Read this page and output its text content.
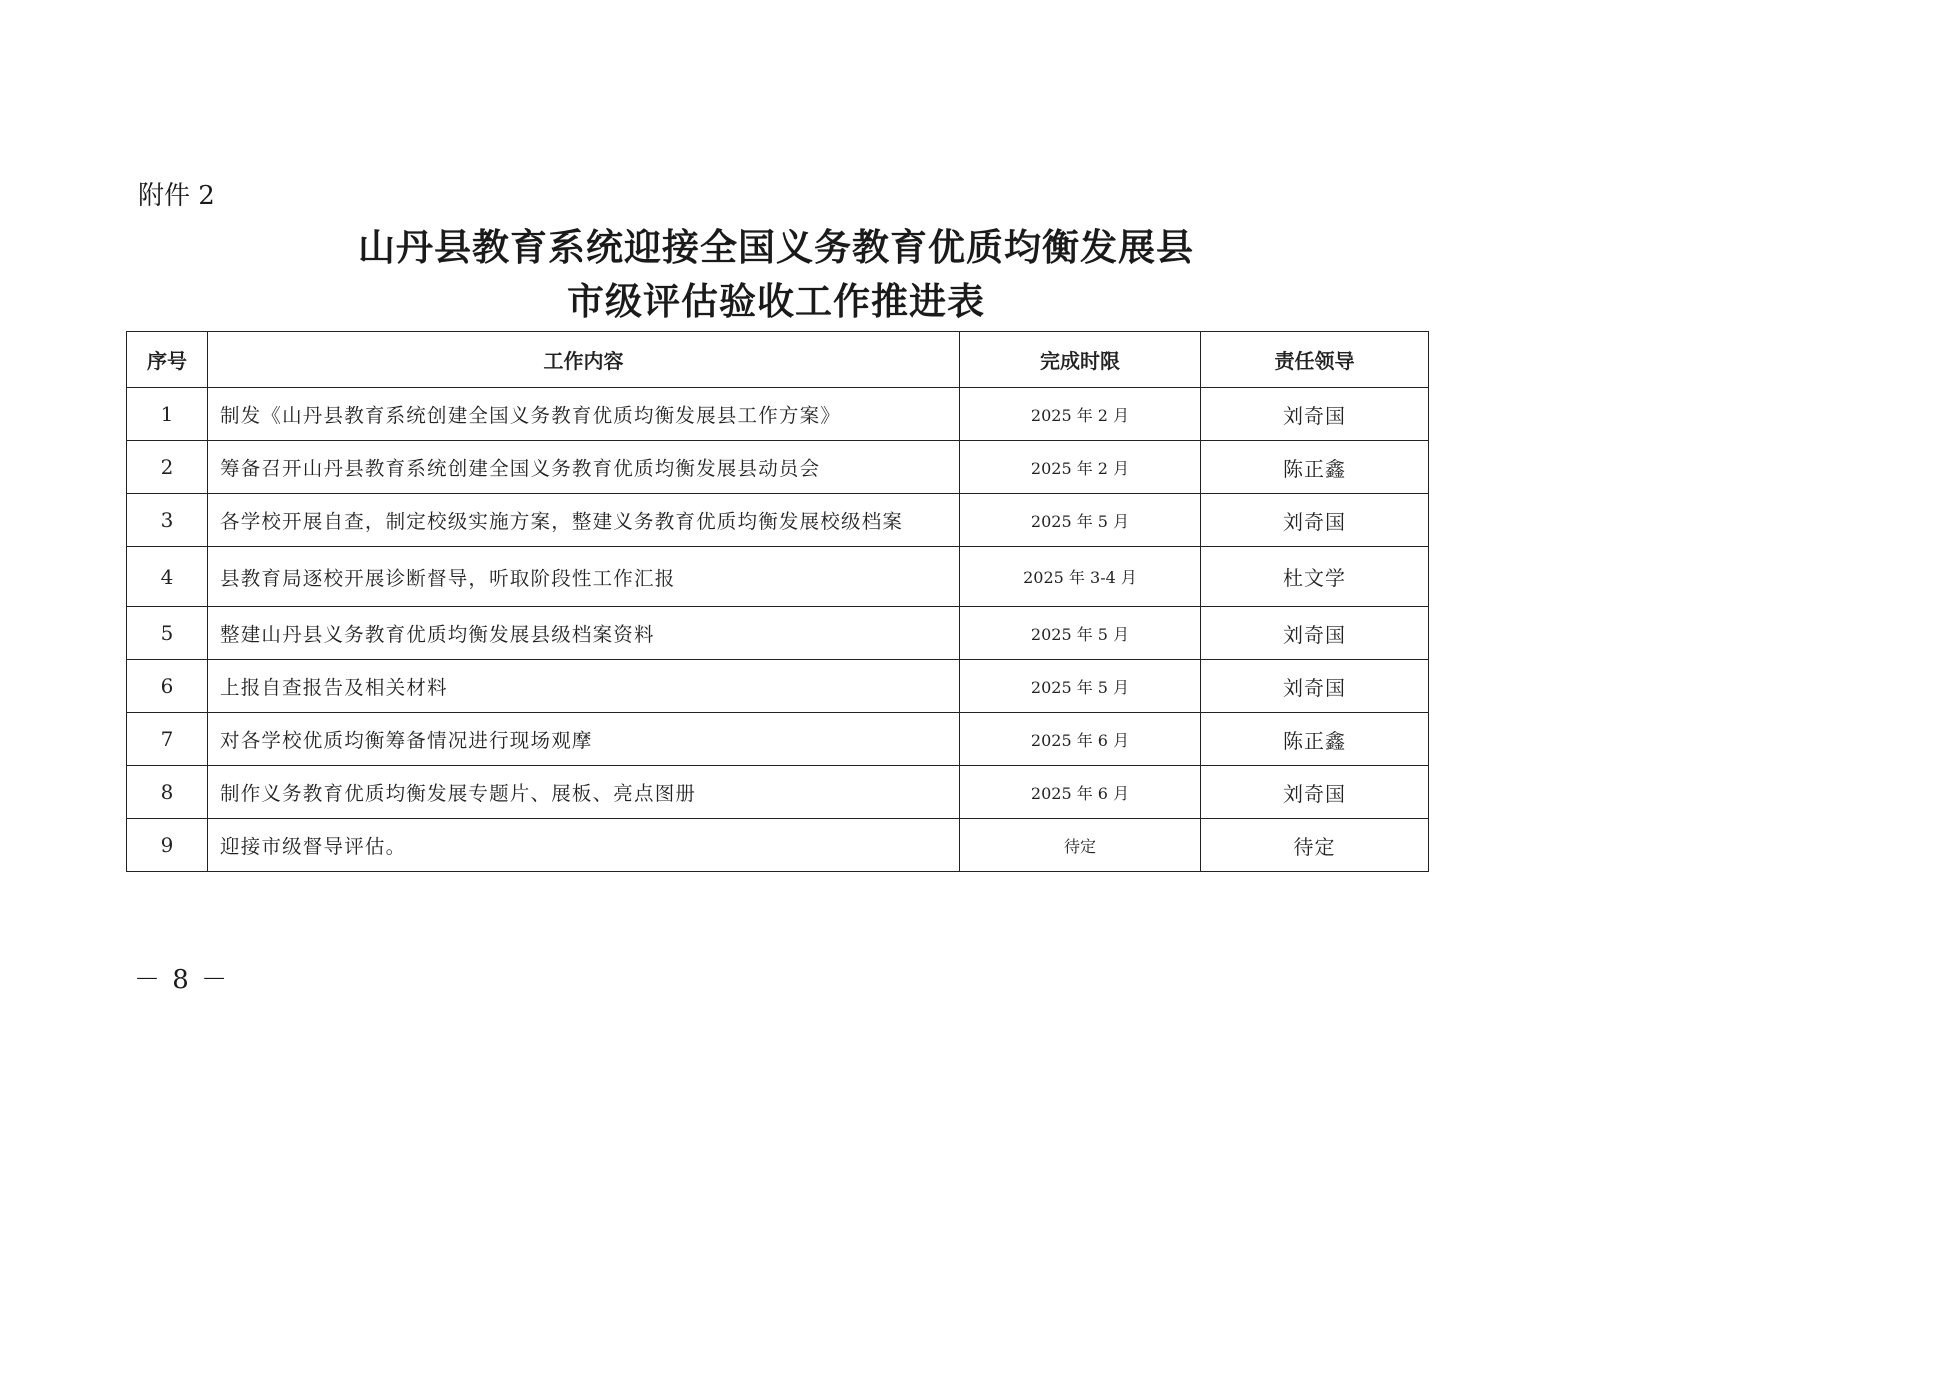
附件 2
山丹县教育系统迎接全国义务教育优质均衡发展县
市级评估验收工作推进表
序号	工作内容	完成时限	责任领导
1	制发《山丹县教育系统创建全国义务教育优质均衡发展县工作方案》	2025 年 2 月	刘奇国
2	筹备召开山丹县教育系统创建全国义务教育优质均衡发展县动员会	2025 年 2 月	陈正鑫
3	各学校开展自查，制定校级实施方案，整建义务教育优质均衡发展校级档案	2025 年 5 月	刘奇国
4	县教育局逐校开展诊断督导，听取阶段性工作汇报	2025 年 3-4 月	杜文学
5	整建山丹县义务教育优质均衡发展县级档案资料	2025 年 5 月	刘奇国
6	上报自查报告及相关材料	2025 年 5 月	刘奇国
7	对各学校优质均衡筹备情况进行现场观摩	2025 年 6 月	陈正鑫
8	制作义务教育优质均衡发展专题片、展板、亮点图册	2025 年 6 月	刘奇国
9	迎接市级督导评估。	待定	待定
－ 8 －
